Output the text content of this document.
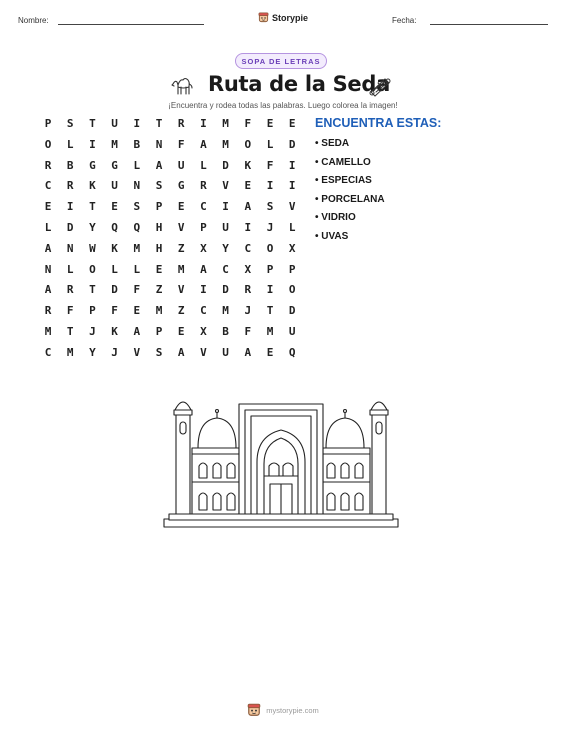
Nombre:	Storypie	Fecha:
SOPA DE LETRAS
Ruta de la Seda
¡Encuentra y rodea todas las palabras. Luego colorea la imagen!
P	S	T	U	I	T	R	I	M	F	E	E
O	L	I	M	B	N	F	A	M	O	L	D
R	B	G	G	L	A	U	L	D	K	F	I
C	R	K	U	N	S	G	R	V	E	I	I
E	I	T	E	S	P	E	C	I	A	S	V
L	D	Y	Q	Q	H	V	P	U	I	J	L
A	N	W	K	M	H	Z	X	Y	C	O	X
N	L	O	L	L	E	M	A	C	X	P	P
A	R	T	D	F	Z	V	I	D	R	I	O
R	F	P	F	E	M	Z	C	M	J	T	D
M	T	J	K	A	P	E	X	B	F	M	U
C	M	Y	J	V	S	A	V	U	A	E	Q
ENCUENTRA ESTAS:
• SEDA
• CAMELLO
• ESPECIAS
• PORCELANA
• VIDRIO
• UVAS
mystorypie.com
